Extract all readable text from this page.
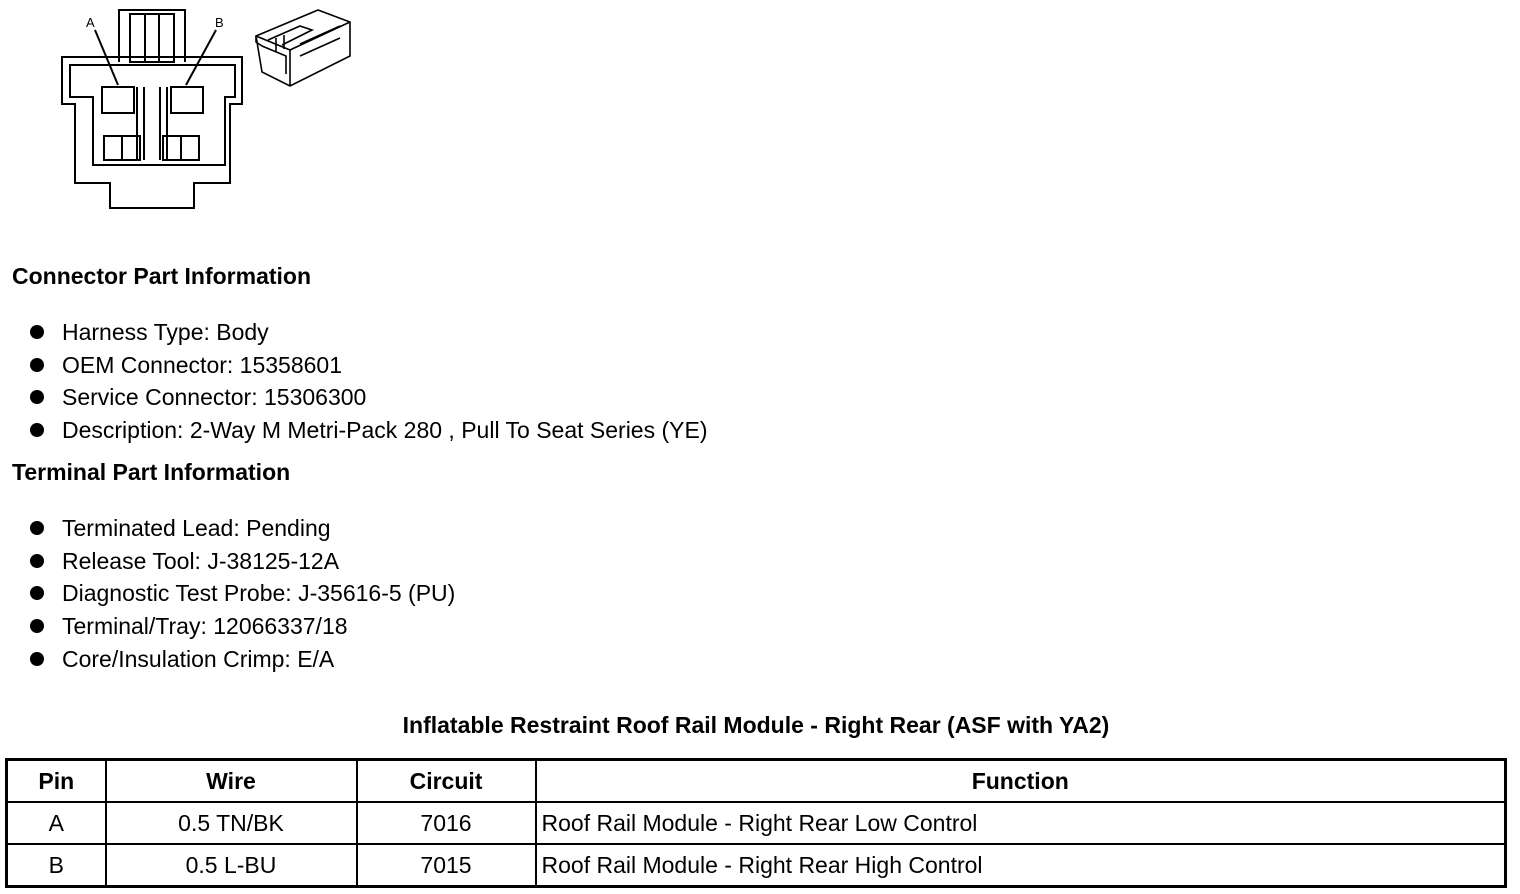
A	B
Connector Part Information
Harness Type: Body
OEM Connector: 15358601
Service Connector: 15306300
Description: 2-Way M Metri-Pack 280 , Pull To Seat Series (YE)
Terminal Part Information
Terminated Lead: Pending
Release Tool: J-38125-12A
Diagnostic Test Probe: J-35616-5 (PU)
Terminal/Tray: 12066337/18
Core/Insulation Crimp: E/A
Inflatable Restraint Roof Rail Module - Right Rear (ASF with YA2)
Pin	Wire	Circuit	Function
A	0.5 TN/BK	7016	Roof Rail Module - Right Rear Low Control
B	0.5 L-BU	7015	Roof Rail Module - Right Rear High Control
